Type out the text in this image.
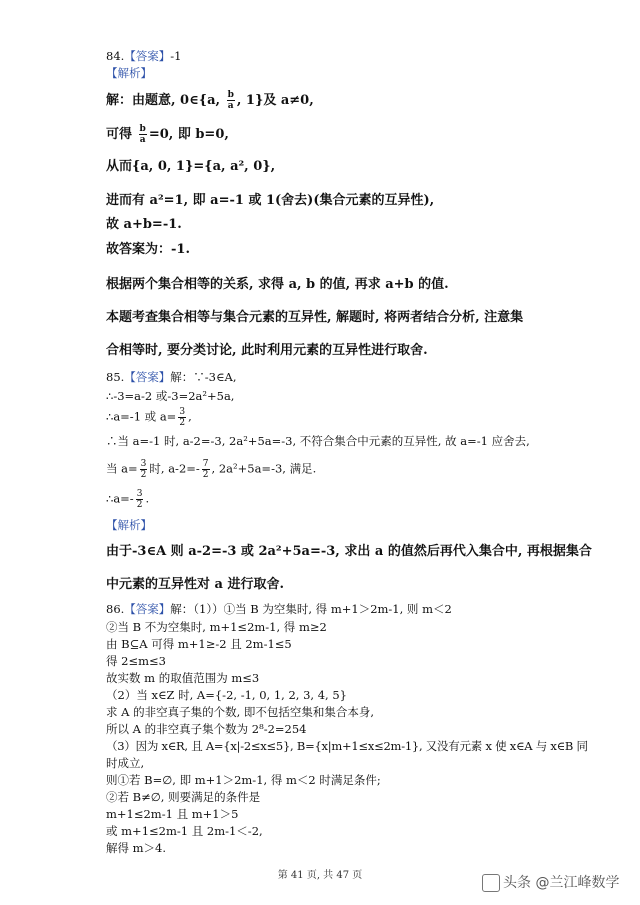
84.【答案】-1
【解析】
解：由题意, 0∈{a, $\frac{b}{a}$ , 1}及 a≠0,
可得 $\frac{b}{a} =0$, 即 b=0,
从而{a, 0, 1}={a, a², 0},
进而有 a²=1, 即 a=-1 或 1(舍去)(集合元素的互异性),
故 a+b=-1.
故答案为：-1.
根据两个集合相等的关系, 求得 a, b 的值, 再求 a+b 的值.
本题考查集合相等与集合元素的互异性, 解题时, 将两者结合分析, 注意集
合相等时, 要分类讨论, 此时利用元素的互异性进行取舍.
85.【答案】解：∵-3∈A,
∴-3=a-2 或-3=2a²+5a,
∴a=-1 或 $a= \frac{3}{2}$ ,
∴当 a=-1 时, a-2=-3, 2a²+5a=-3, 不符合集合中元素的互异性, 故 a=-1 应舍去,
当 $a= \frac{3}{2}$ 时, $a-2=- \frac{7}{2}$ , 2a²+5a=-3, 满足.
∴a=- $\frac{3}{2}$ .
【解析】
由于-3∈A 则 a-2=-3 或 2a²+5a=-3, 求出 a 的值然后再代入集合中, 再根据集合
中元素的互异性对 a 进行取舍.
86.【答案】解：（1））①当 B 为空集时, 得 m+1＞2m-1, 则 m＜2
②当 B 不为空集时, m+1≤2m-1, 得 m≥2
由 B⊆A 可得 m+1≥-2 且 2m-1≤5
得 2≤m≤3
故实数 m 的取值范围为 m≤3
（2）当 x∈Z 时, A={-2, -1, 0, 1, 2, 3, 4, 5}
求 A 的非空真子集的个数, 即不包括空集和集合本身,
所以 A 的非空真子集个数为 2⁸-2=254
（3）因为 x∈R, 且 A={x|-2≤x≤5}, B={x|m+1≤x≤2m-1}, 又没有元素 x 使 x∈A 与 x∈B 同
时成立,
则①若 B=∅, 即 m+1＞2m-1, 得 m＜2 时满足条件;
②若 B≠∅, 则要满足的条件是
m+1≤2m-1 且 m+1＞5
或 m+1≤2m-1 且 2m-1＜-2,
解得 m＞4.
第 41 页, 共 47 页	头条 @兰江峰数学
